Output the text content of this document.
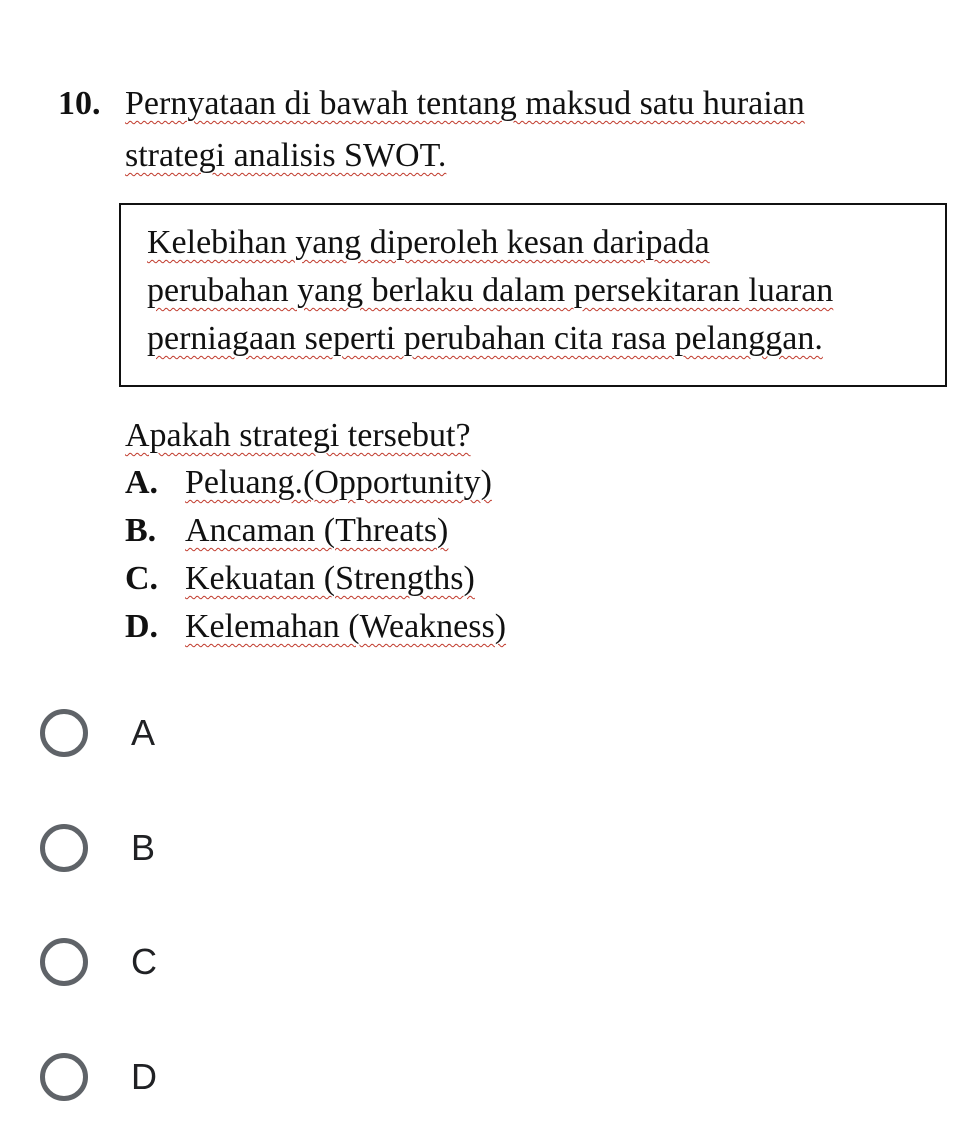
10. Pernyataan di bawah tentang maksud satu huraian
strategi analisis SWOT.
Kelebihan yang diperoleh kesan daripada
perubahan yang berlaku dalam persekitaran luaran
perniagaan seperti perubahan cita rasa pelanggan.
Apakah strategi tersebut?
A. Peluang.(Opportunity)
B. Ancaman (Threats)
C. Kekuatan (Strengths)
D. Kelemahan (Weakness)
A
B
C
D
